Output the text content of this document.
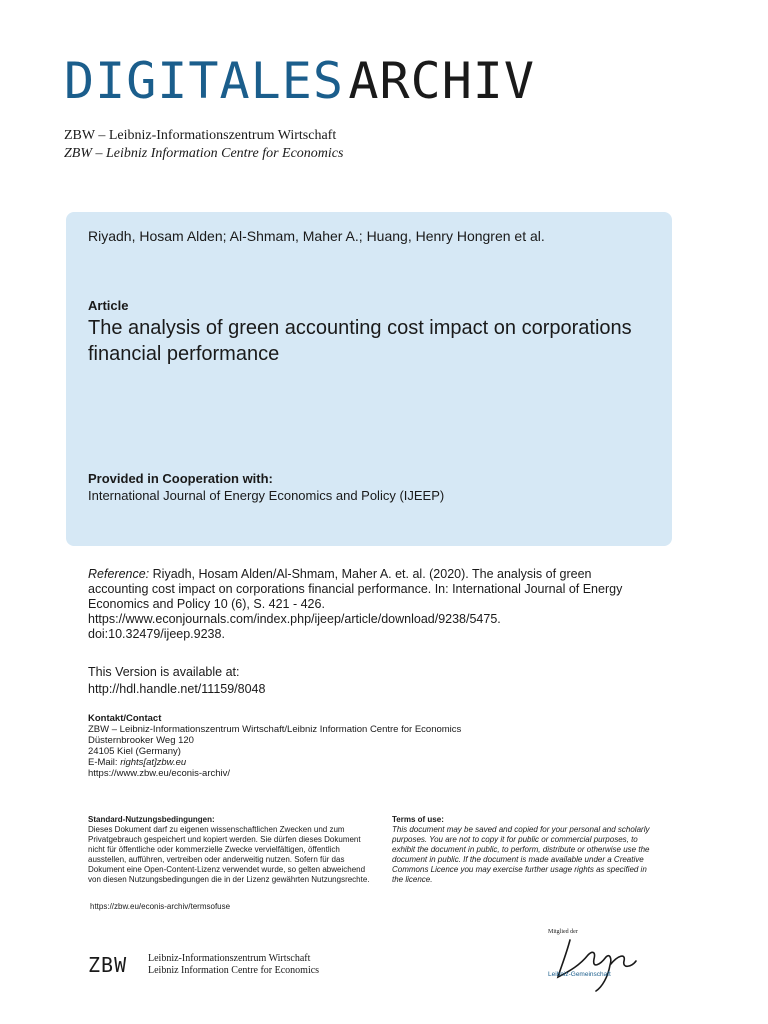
DIGITALES ARCHIV
ZBW – Leibniz-Informationszentrum Wirtschaft
ZBW – Leibniz Information Centre for Economics
Riyadh, Hosam Alden; Al-Shmam, Maher A.; Huang, Henry Hongren et al.
Article
The analysis of green accounting cost impact on corporations financial performance
Provided in Cooperation with:
International Journal of Energy Economics and Policy (IJEEP)
Reference: Riyadh, Hosam Alden/Al-Shmam, Maher A. et. al. (2020). The analysis of green accounting cost impact on corporations financial performance. In: International Journal of Energy Economics and Policy 10 (6), S. 421 - 426. https://www.econjournals.com/index.php/ijeep/article/download/9238/5475. doi:10.32479/ijeep.9238.
This Version is available at:
http://hdl.handle.net/11159/8048
Kontakt/Contact
ZBW – Leibniz-Informationszentrum Wirtschaft/Leibniz Information Centre for Economics
Düsternbrooker Weg 120
24105 Kiel (Germany)
E-Mail: rights[at]zbw.eu
https://www.zbw.eu/econis-archiv/
Standard-Nutzungsbedingungen:
Dieses Dokument darf zu eigenen wissenschaftlichen Zwecken und zum Privatgebrauch gespeichert und kopiert werden. Sie dürfen dieses Dokument nicht für öffentliche oder kommerzielle Zwecke vervielfältigen, öffentlich ausstellen, aufführen, vertreiben oder anderweitig nutzen. Sofern für das Dokument eine Open-Content-Lizenz verwendet wurde, so gelten abweichend von diesen Nutzungsbedingungen die in der Lizenz gewährten Nutzungsrechte.
https://zbw.eu/econis-archiv/termsofuse
Terms of use:
This document may be saved and copied for your personal and scholarly purposes. You are not to copy it for public or commercial purposes, to exhibit the document in public, to perform, distribute or otherwise use the document in public. If the document is made available under a Creative Commons Licence you may exercise further usage rights as specified in the licence.
ZBW Leibniz-Informationszentrum Wirtschaft
Leibniz Information Centre for Economics
Mitglied der
Leibniz-Gemeinschaft
